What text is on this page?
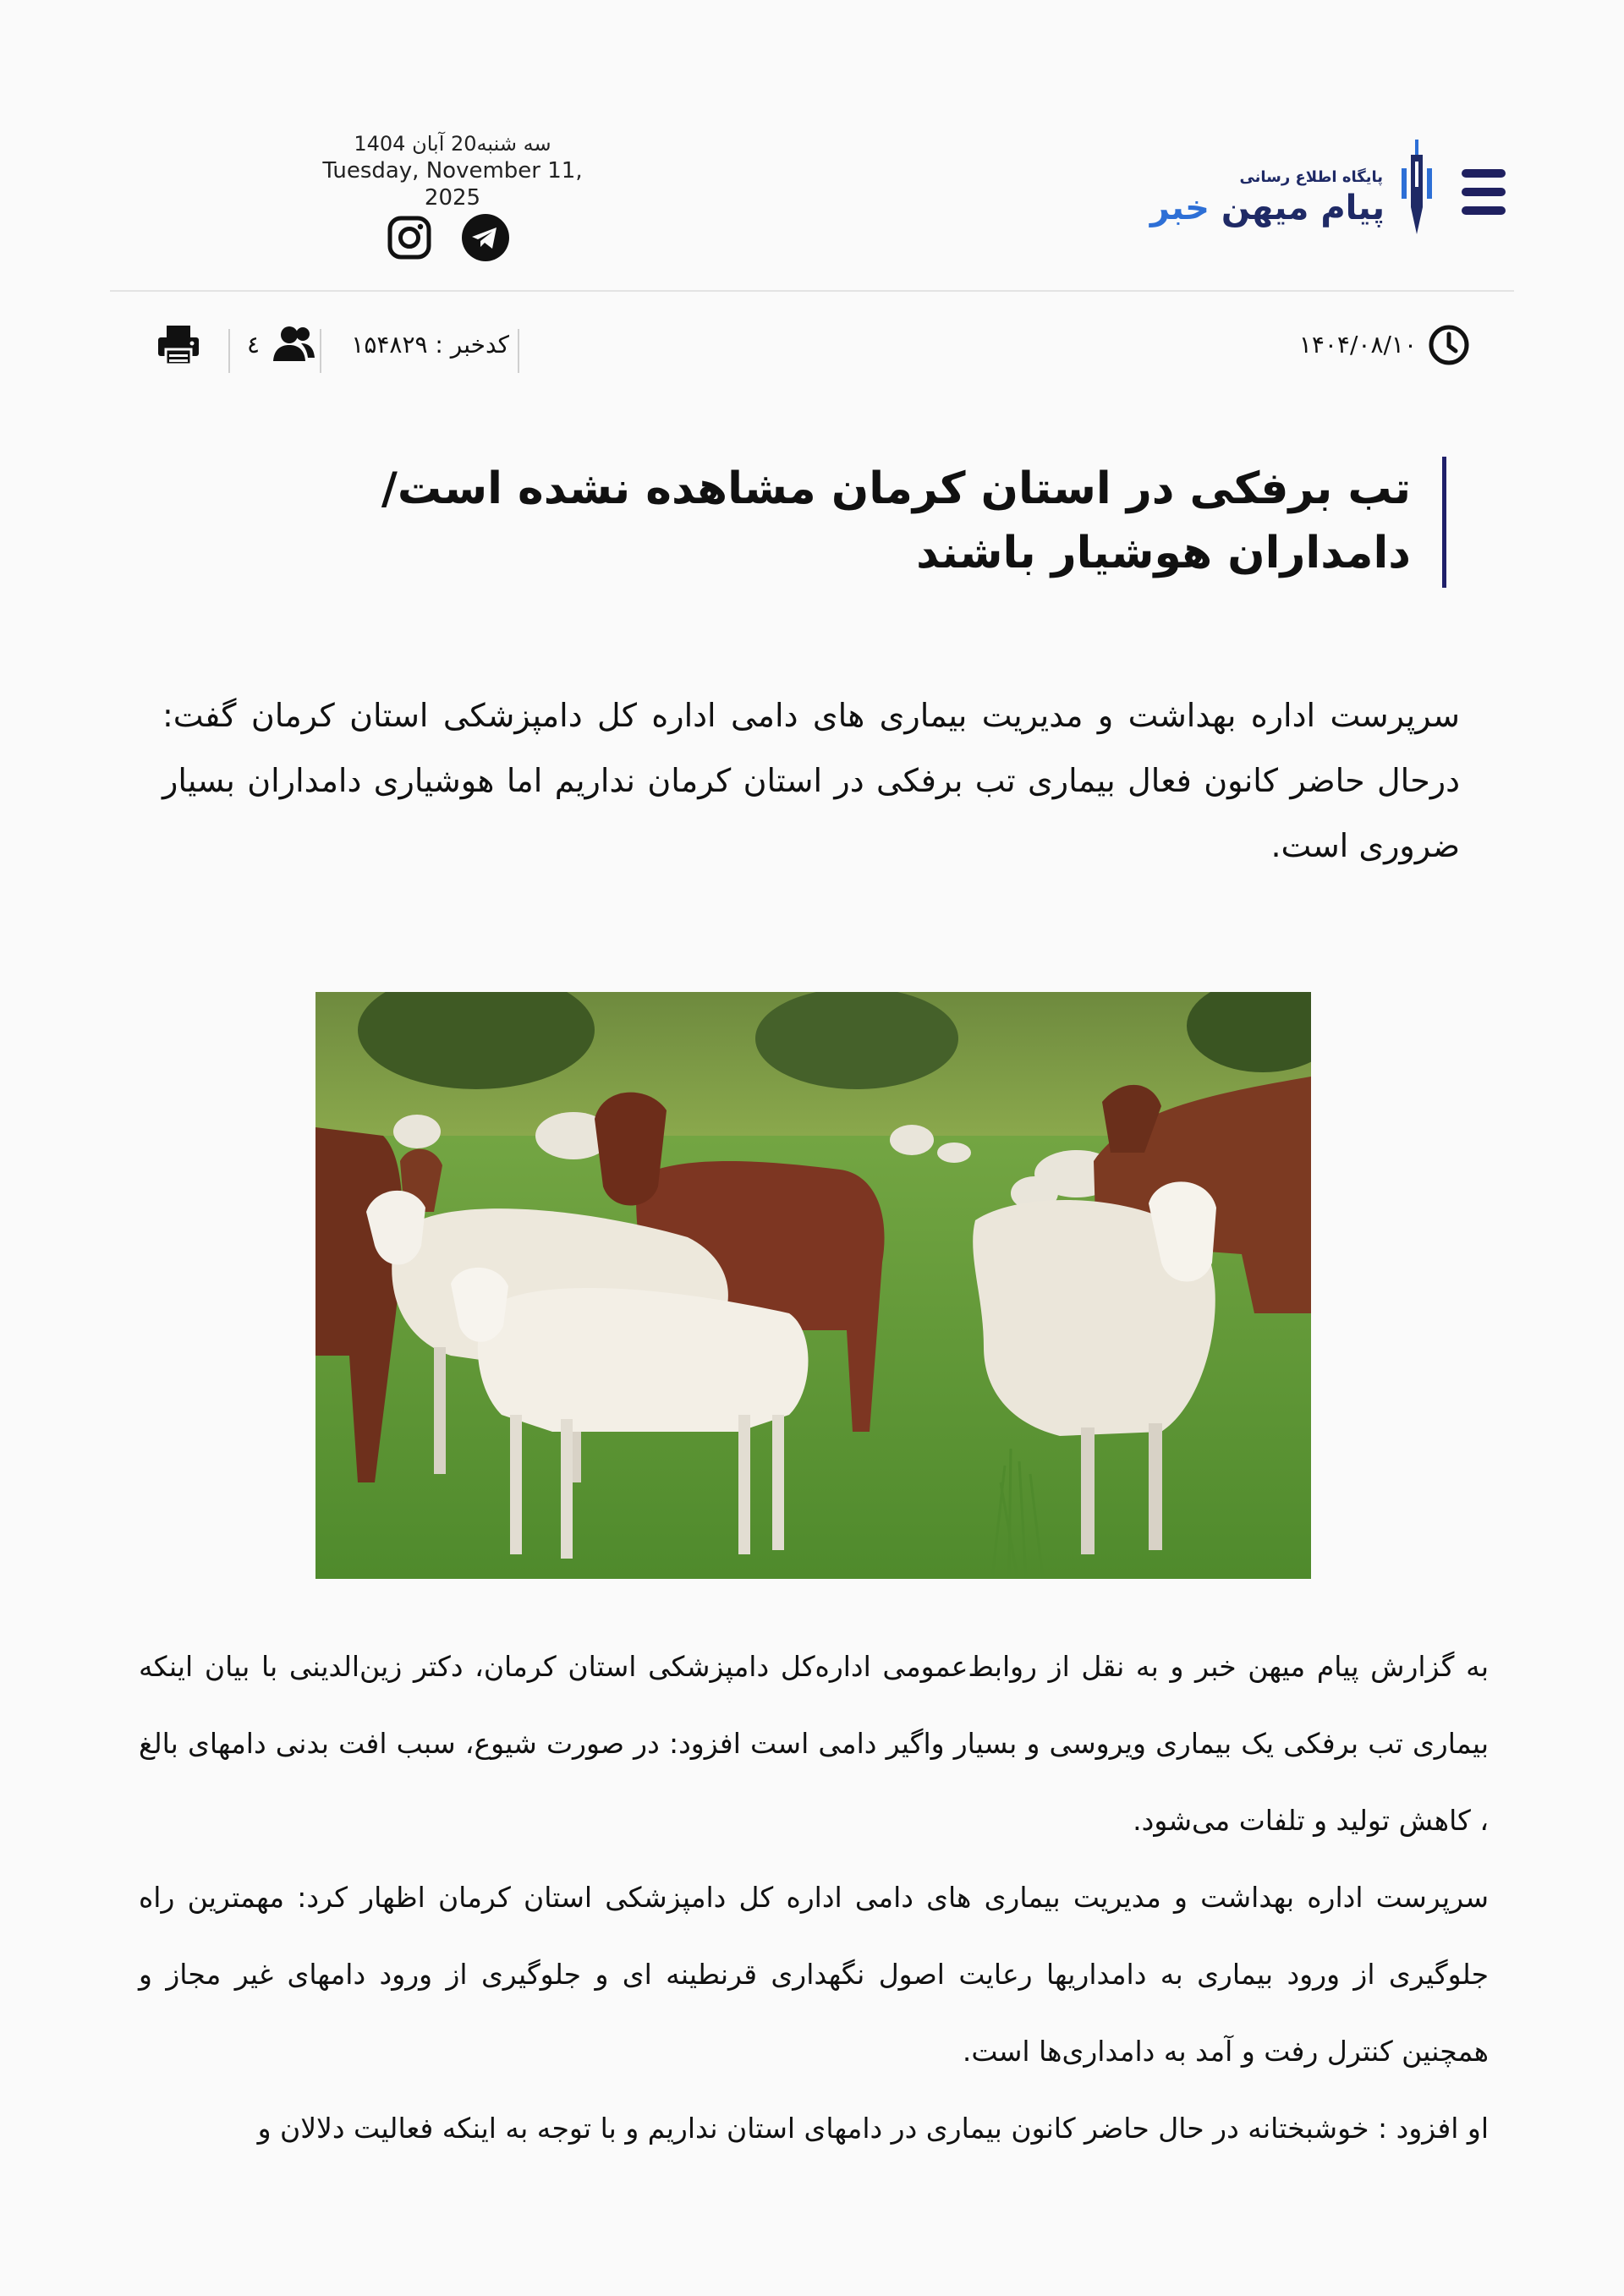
پایگاه اطلاع رسانی
پیام میهن خبر
سه شنبه20 آبان 1404
Tuesday, November 11, 2025
۱۴۰۴/۰۸/۱۰
کدخبر : ۱۵۴۸۲۹
٤
تب برفکی در استان کرمان مشاهده نشده است/ دامداران هوشیار باشند

سرپرست اداره بهداشت و مدیریت بیماری های دامی اداره کل دامپزشکی استان کرمان گفت: درحال حاضر کانون فعال بیماری تب برفکی در استان کرمان نداریم اما هوشیاری دامداران بسیار ضروری است.

به گزارش پیام میهن خبر و به نقل از روابط‌عمومی اداره‌کل دامپزشکی استان کرمان، دکتر زین‌الدینی با بیان اینکه بیماری تب برفکی یک بیماری ویروسی و بسیار واگیر دامی است افزود: در صورت شیوع، سبب افت بدنی دامهای بالغ ، کاهش تولید و تلفات می‌شود.

سرپرست اداره بهداشت و مدیریت بیماری های دامی اداره کل دامپزشکی استان کرمان اظهار کرد: مهمترین راه جلوگیری از ورود بیماری به دامداریها رعایت اصول نگهداری قرنطینه ای و جلوگیری از ورود دامهای غیر مجاز و همچنین کنترل رفت و آمد به دامداری‌ها است.

او افزود : خوشبختانه در حال حاضر کانون بیماری در دامهای استان نداریم و با توجه به اینکه فعالیت دلالان و
